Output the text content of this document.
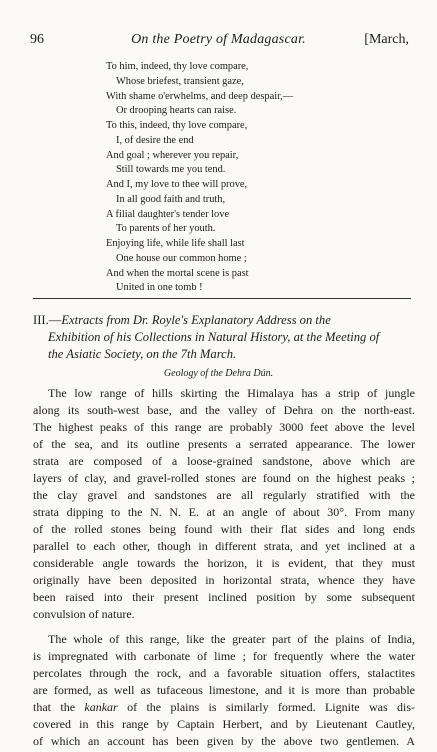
96	On the Poetry of Madagascar.	[March,
To him, indeed, thy love compare,
Whose briefest, transient gaze,
With shame o'erwhelms, and deep despair,—
Or drooping hearts can raise.
To this, indeed, thy love compare,
I, of desire the end
And goal ; wherever you repair,
Still towards me you tend.
And I, my love to thee will prove,
In all good faith and truth,
A filial daughter's tender love
To parents of her youth.
Enjoying life, while life shall last
One house our common home ;
And when the mortal scene is past
United in one tomb !
III.—Extracts from Dr. Royle's Explanatory Address on the
Exhibition of his Collections in Natural History, at the Meeting of
the Asiatic Society, on the 7th March.
Geology of the Dehra Dún.
The low range of hills skirting the Himalaya has a strip of jungle
along its south-west base, and the valley of Dehra on the north-east.
The highest peaks of this range are probably 3000 feet above the level
of the sea, and its outline presents a serrated appearance. The lower
strata are composed of a loose-grained sandstone, above which are
layers of clay, and gravel-rolled stones are found on the highest peaks ;
the clay gravel and sandstones are all regularly stratified with the
strata dipping to the N. N. E. at an angle of about 30°. From many
of the rolled stones being found with their flat sides and long ends
parallel to each other, though in different strata, and yet inclined at a
considerable angle towards the horizon, it is evident, that they must
originally have been deposited in horizontal strata, whence they have
been raised into their present inclined position by some subsequent
convulsion of nature.
The whole of this range, like the greater part of the plains of India,
is impregnated with carbonate of lime ; for frequently where the water
percolates through the rock, and a favorable situation offers, stalactites
are formed, as well as tufaceous limestone, and it is more than probable
that the kankar of the plains is similarly formed. Lignite was dis-
covered in this range by Captain Herbert, and by Lieutenant Cautley,
of which an account has been given by the above two gentlemen. A
